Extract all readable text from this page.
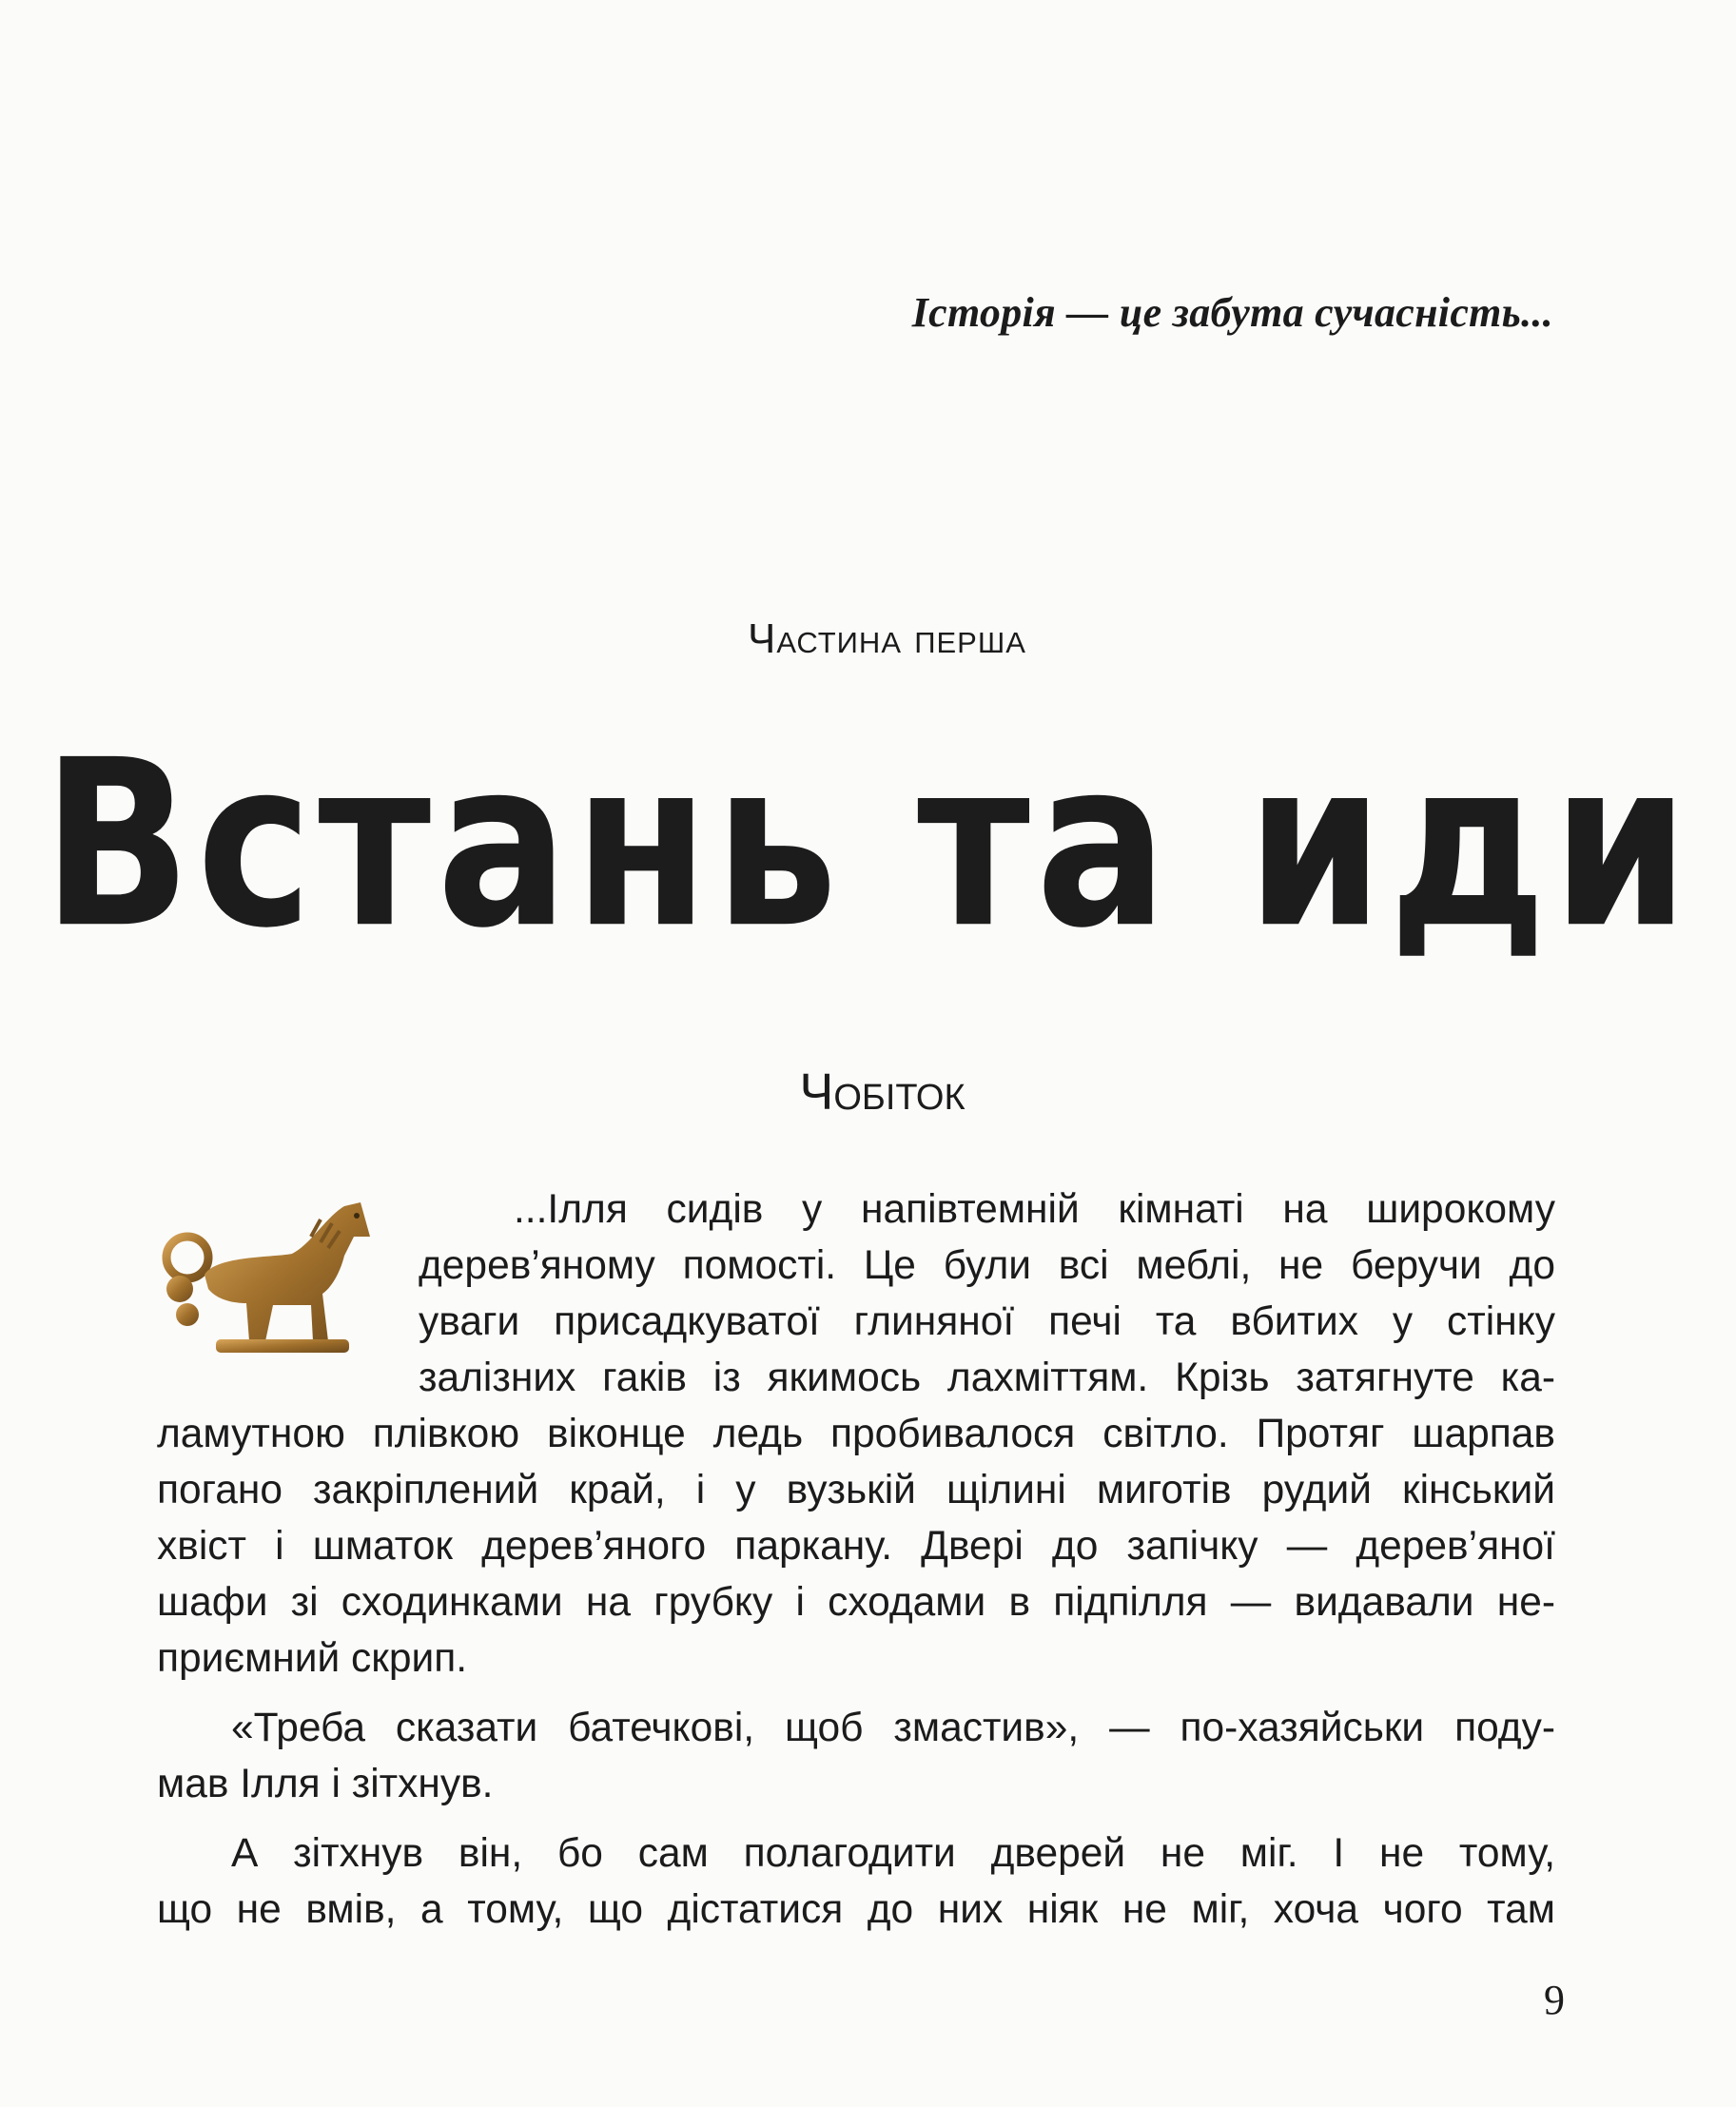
Історія — це забута сучасність...
Частина перша
Встань та иди
Чобіток
...Ілля сидів у напівтемній кімнаті на широкому
дерев’яному помості. Це були всі меблі, не беручи до
уваги присадкуватої глиняної печі та вбитих у стінку
залізних гаків із якимось лахміттям. Крізь затягнуте ка-
ламутною плівкою віконце ледь пробивалося світло. Протяг шарпав
погано закріплений край, і у вузькій щілині миготів рудий кінський
хвіст і шматок дерев’яного паркану. Двері до запічку — дерев’яної
шафи зі сходинками на грубку і сходами в підпілля — видавали не-
приємний скрип.
«Треба сказати батечкові, щоб змастив», — по-хазяйськи поду-
мав Ілля і зітхнув.
А зітхнув він, бо сам полагодити дверей не міг. І не тому,
що не вмів, а тому, що дістатися до них ніяк не міг, хоча чого там
9
